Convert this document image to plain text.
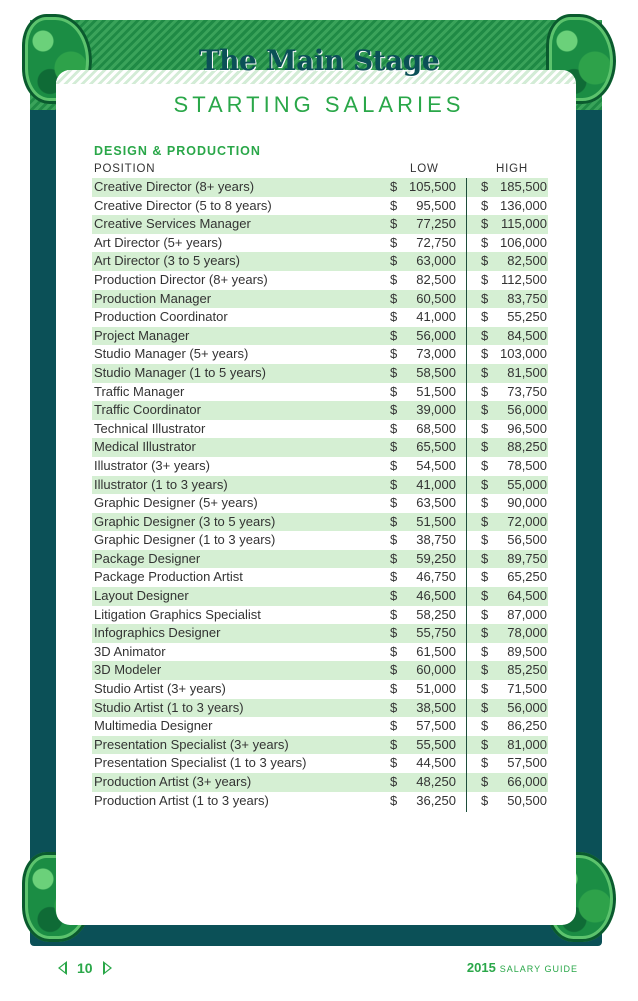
The Main Stage
STARTING SALARIES
DESIGN & PRODUCTION
POSITION	LOW	HIGH
Creative Director (8+ years)	$ 105,500 $ 185,500
Creative Director (5 to 8 years)	$ 95,500 $ 136,000
Creative Services Manager	$ 77,250 $ 115,000
Art Director (5+ years)	$ 72,750 $ 106,000
Art Director (3 to 5 years)	$ 63,000 $ 82,500
Production Director (8+ years)	$ 82,500 $ 112,500
Production Manager	$ 60,500 $ 83,750
Production Coordinator	$ 41,000 $ 55,250
Project Manager	$ 56,000 $ 84,500
Studio Manager (5+ years)	$ 73,000 $ 103,000
Studio Manager (1 to 5 years)	$ 58,500 $ 81,500
Traffic Manager	$ 51,500 $ 73,750
Traffic Coordinator	$ 39,000 $ 56,000
Technical Illustrator	$ 68,500 $ 96,500
Medical Illustrator	$ 65,500 $ 88,250
Illustrator (3+ years)	$ 54,500 $ 78,500
Illustrator (1 to 3 years)	$ 41,000 $ 55,000
Graphic Designer (5+ years)	$ 63,500 $ 90,000
Graphic Designer (3 to 5 years)	$ 51,500 $ 72,000
Graphic Designer (1 to 3 years)	$ 38,750 $ 56,500
Package Designer	$ 59,250 $ 89,750
Package Production Artist	$ 46,750 $ 65,250
Layout Designer	$ 46,500 $ 64,500
Litigation Graphics Specialist	$ 58,250 $ 87,000
Infographics Designer	$ 55,750 $ 78,000
3D Animator	$ 61,500 $ 89,500
3D Modeler	$ 60,000 $ 85,250
Studio Artist (3+ years)	$ 51,000 $ 71,500
Studio Artist (1 to 3 years)	$ 38,500 $ 56,000
Multimedia Designer	$ 57,500 $ 86,250
Presentation Specialist (3+ years)	$ 55,500 $ 81,000
Presentation Specialist (1 to 3 years)	$ 44,500 $ 57,500
Production Artist (3+ years)	$ 48,250 $ 66,000
Production Artist (1 to 3 years)	$ 36,250 $ 50,500
10	2015 SALARY GUIDE
